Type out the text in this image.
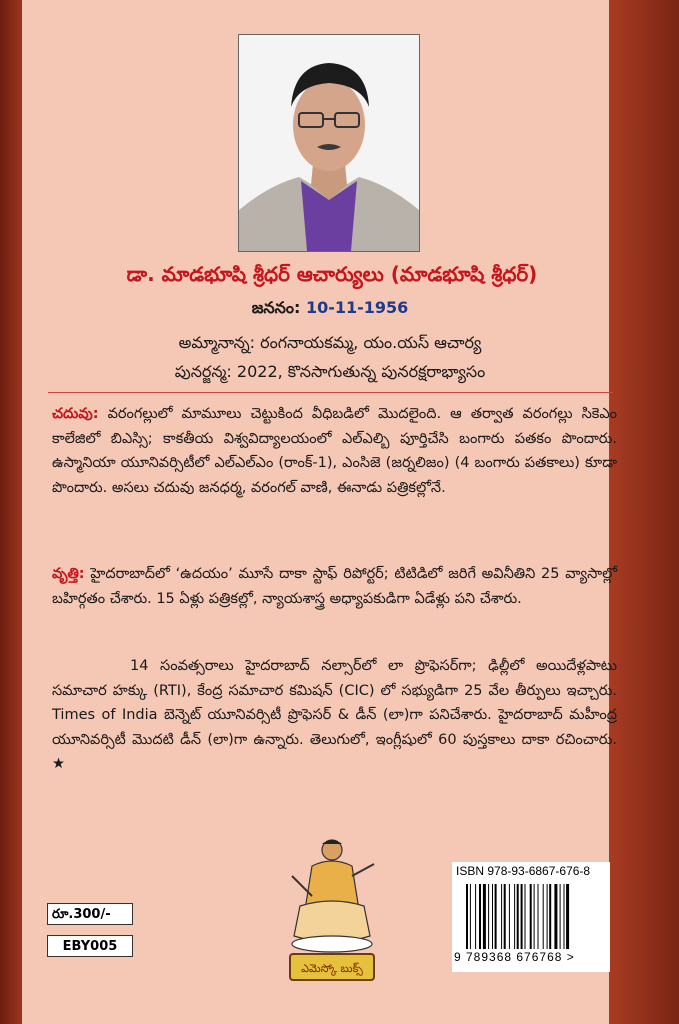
డా. మాడభూషి శ్రీధర్ ఆచార్యులు (మాడభూషి శ్రీధర్)
జననం: 10-11-1956
అమ్మానాన్న: రంగనాయకమ్మ, యం.యస్ ఆచార్య
పునర్జన్మ: 2022, కొనసాగుతున్న పునరక్షరాభ్యాసం
చదువు: వరంగల్లులో మామూలు చెట్టుకింద వీధిబడిలో మొదలైంది. ఆ తర్వాత వరంగల్లు సికెఎం కాలేజిలో బిఎస్సి; కాకతీయ విశ్వవిద్యాలయంలో ఎల్ఎల్బి పూర్తిచేసి బంగారు పతకం పొందారు. ఉస్మానియా యూనివర్సిటీలో ఎల్ఎల్ఎం (రాంక్-1), ఎంసిజె (జర్నలిజం) (4 బంగారు పతకాలు) కూడా పొందారు. అసలు చదువు జనధర్మ, వరంగల్ వాణి, ఈనాడు పత్రికల్లోనే.
వృత్తి: హైదరాబాద్‌లో ‘ఉదయం’ మూసే దాకా స్టాఫ్ రిపోర్టర్; టిటిడిలో జరిగే అవినీతిని 25 వ్యాసాల్లో బహిర్గతం చేశారు. 15 ఏళ్లు పత్రికల్లో, న్యాయశాస్త్ర అధ్యాపకుడిగా ఏడేళ్లు పని చేశారు.
14 సంవత్సరాలు హైదరాబాద్ నల్సార్‌లో లా ప్రొఫెసర్‌గా; ఢిల్లీలో అయిదేళ్లపాటు సమాచార హక్కు (RTI), కేంద్ర సమాచార కమిషన్ (CIC) లో సభ్యుడిగా 25 వేల తీర్పులు ఇచ్చారు. Times of India బెన్నెట్ యూనివర్సిటీ ప్రొఫెసర్ & డీన్ (లా)గా పనిచేశారు. హైదరాబాద్ మహీంద్ర యూనివర్సిటీ మొదటి డీన్ (లా)గా ఉన్నారు. తెలుగులో, ఇంగ్లీషులో 60 పుస్తకాలు దాకా రచించారు. ★
ఎమెస్కో బుక్స్
రూ.300/-
EBY005
ISBN 978-93-6867-676-8
9 789368 676768 >
